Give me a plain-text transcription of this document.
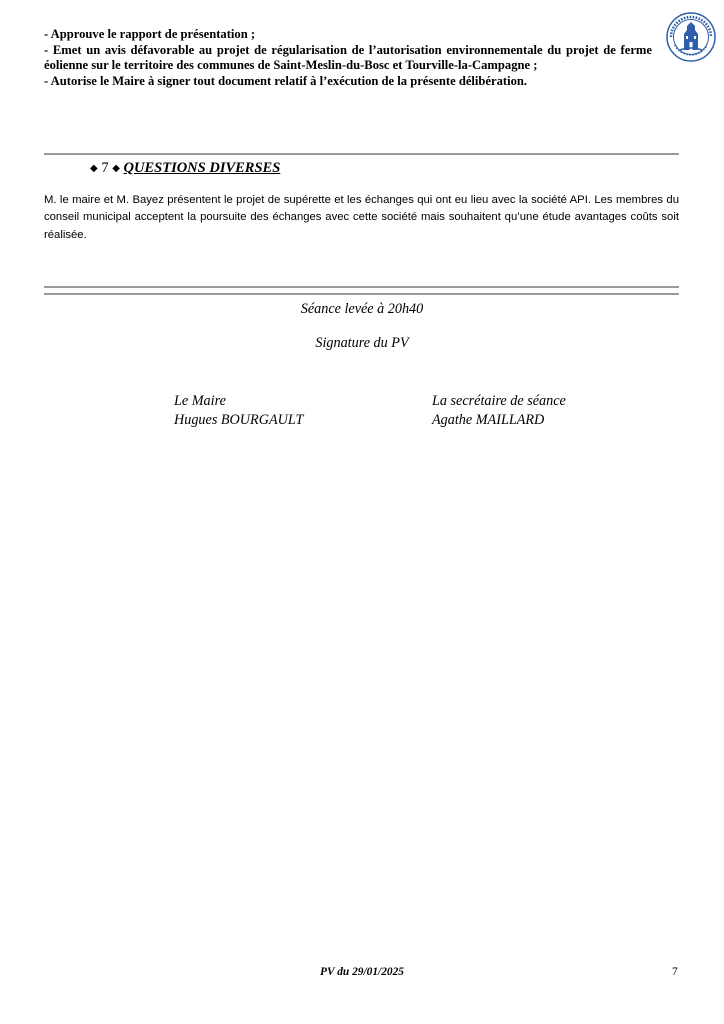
- Approuve le rapport de présentation ;

- Emet un avis défavorable au projet de régularisation de l’autorisation environnementale du projet de ferme éolienne sur le territoire des communes de Saint-Meslin-du-Bosc et Tourville-la-Campagne ;

- Autorise le Maire à signer tout document relatif à l’exécution de la présente délibération.

◆ 7 ◆ QUESTIONS DIVERSES

M. le maire et M. Bayez présentent le projet de supérette et les échanges qui ont eu lieu avec la société API. Les membres du conseil municipal acceptent la poursuite des échanges avec cette société mais souhaitent qu’une étude avantages coûts soit réalisée.

Séance levée à 20h40
Signature du PV
Le Maire
Hugues BOURGAULT
La secrétaire de séance
Agathe MAILLARD
PV du 29/01/2025	7
